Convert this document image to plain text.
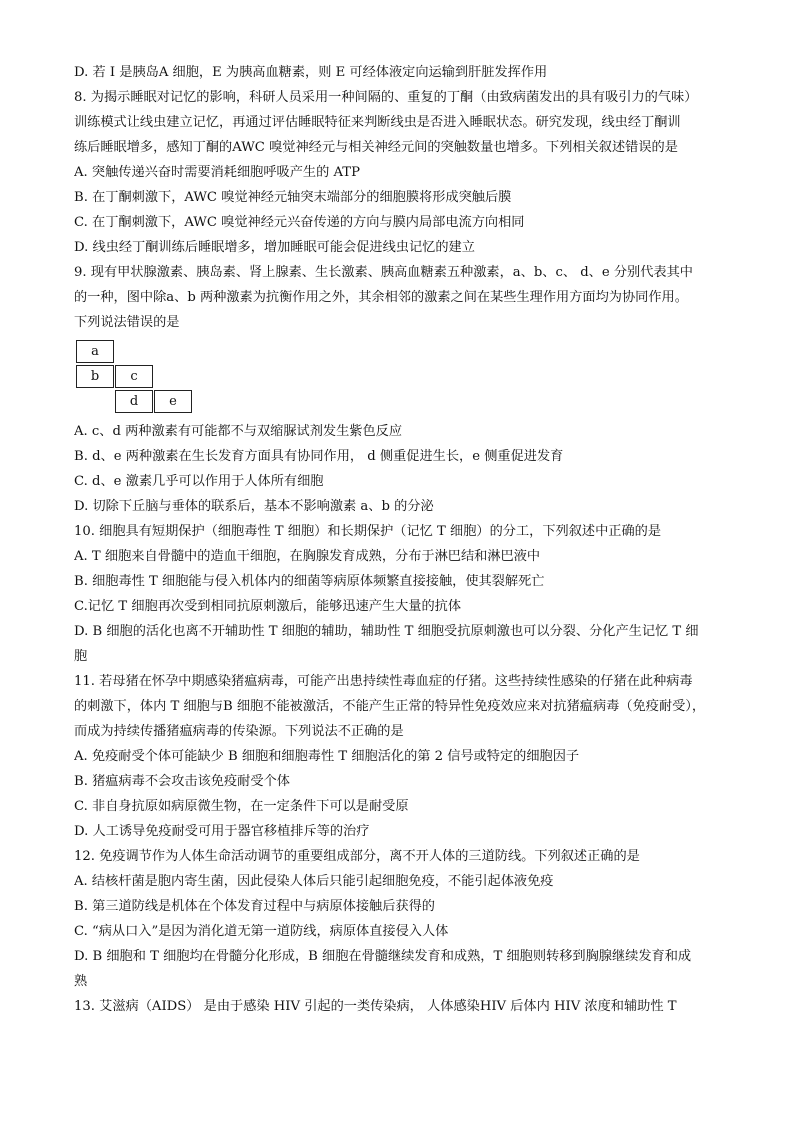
D. 若 I 是胰岛A 细胞，E 为胰高血糖素，则 E 可经体液定向运输到肝脏发挥作用
8. 为揭示睡眠对记忆的影响，科研人员采用一种间隔的、重复的丁酮（由致病菌发出的具有吸引力的气味）
训练模式让线虫建立记忆，再通过评估睡眠特征来判断线虫是否进入睡眠状态。研究发现，线虫经丁酮训
练后睡眠增多，感知丁酮的AWC 嗅觉神经元与相关神经元间的突触数量也增多。下列相关叙述错误的是
A. 突触传递兴奋时需要消耗细胞呼吸产生的 ATP
B. 在丁酮刺激下，AWC 嗅觉神经元轴突末端部分的细胞膜将形成突触后膜
C. 在丁酮刺激下，AWC 嗅觉神经元兴奋传递的方向与膜内局部电流方向相同
D. 线虫经丁酮训练后睡眠增多，增加睡眠可能会促进线虫记忆的建立
9. 现有甲状腺激素、胰岛素、肾上腺素、生长激素、胰高血糖素五种激素，a、b、c、 d、e 分别代表其中
的一种，图中除a、b 两种激素为抗衡作用之外，其余相邻的激素之间在某些生理作用方面均为协同作用。
下列说法错误的是
a
b	c
d	e
A. c、d 两种激素有可能都不与双缩脲试剂发生紫色反应
B. d、e 两种激素在生长发育方面具有协同作用， d 侧重促进生长，e 侧重促进发育
C. d、e 激素几乎可以作用于人体所有细胞
D. 切除下丘脑与垂体的联系后，基本不影响激素 a、b 的分泌
10. 细胞具有短期保护（细胞毒性 T 细胞）和长期保护（记忆 T 细胞）的分工，下列叙述中正确的是
A. T 细胞来自骨髓中的造血干细胞，在胸腺发育成熟，分布于淋巴结和淋巴液中
B. 细胞毒性 T 细胞能与侵入机体内的细菌等病原体频繁直接接触，使其裂解死亡
C.记忆 T 细胞再次受到相同抗原刺激后，能够迅速产生大量的抗体
D. B 细胞的活化也离不开辅助性 T 细胞的辅助，辅助性 T 细胞受抗原刺激也可以分裂、分化产生记忆 T 细
胞
11. 若母猪在怀孕中期感染猪瘟病毒，可能产出患持续性毒血症的仔猪。这些持续性感染的仔猪在此种病毒
的刺激下，体内 T 细胞与B 细胞不能被激活，不能产生正常的特异性免疫效应来对抗猪瘟病毒（免疫耐受），
而成为持续传播猪瘟病毒的传染源。下列说法不正确的是
A. 免疫耐受个体可能缺少 B 细胞和细胞毒性 T 细胞活化的第 2 信号或特定的细胞因子
B. 猪瘟病毒不会攻击该免疫耐受个体
C. 非自身抗原如病原微生物，在一定条件下可以是耐受原
D. 人工诱导免疫耐受可用于器官移植排斥等的治疗
12. 免疫调节作为人体生命活动调节的重要组成部分，离不开人体的三道防线。下列叙述正确的是
A. 结核杆菌是胞内寄生菌，因此侵染人体后只能引起细胞免疫，不能引起体液免疫
B. 第三道防线是机体在个体发育过程中与病原体接触后获得的
C. “病从口入”是因为消化道无第一道防线，病原体直接侵入人体
D. B 细胞和 T 细胞均在骨髓分化形成，B 细胞在骨髓继续发育和成熟，T 细胞则转移到胸腺继续发育和成
熟
13. 艾滋病（AIDS） 是由于感染 HIV 引起的一类传染病， 人体感染HIV 后体内 HIV 浓度和辅助性 T
